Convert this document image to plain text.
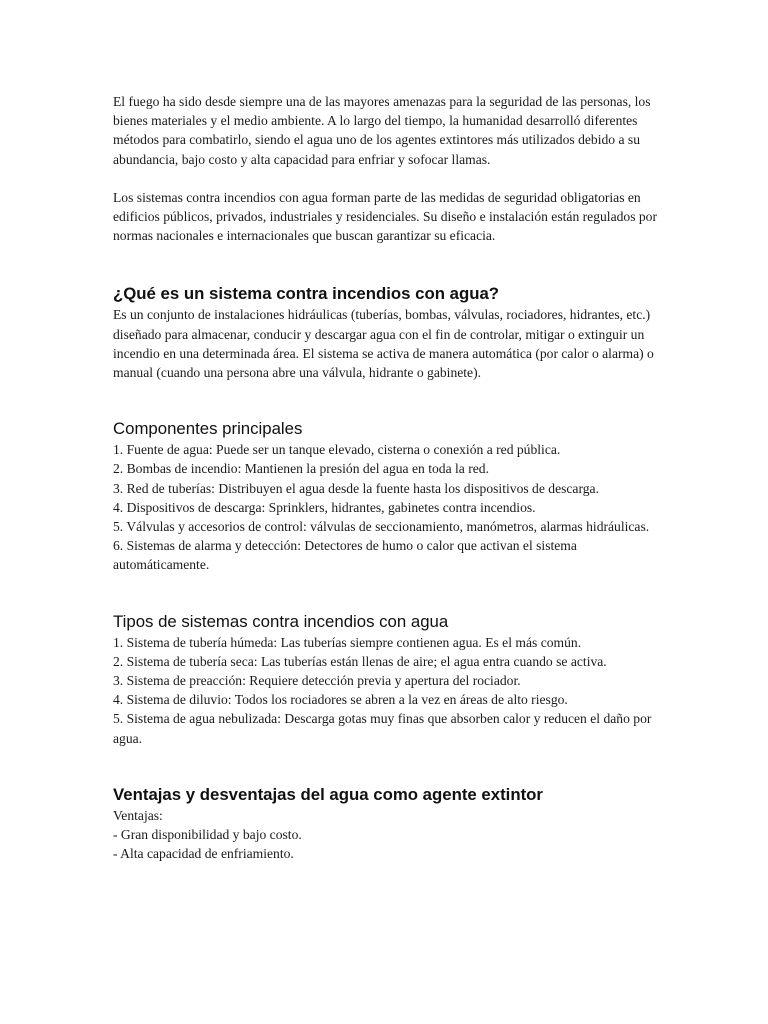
El fuego ha sido desde siempre una de las mayores amenazas para la seguridad de las personas, los bienes materiales y el medio ambiente. A lo largo del tiempo, la humanidad desarrolló diferentes métodos para combatirlo, siendo el agua uno de los agentes extintores más utilizados debido a su abundancia, bajo costo y alta capacidad para enfriar y sofocar llamas.

Los sistemas contra incendios con agua forman parte de las medidas de seguridad obligatorias en edificios públicos, privados, industriales y residenciales. Su diseño e instalación están regulados por normas nacionales e internacionales que buscan garantizar su eficacia.

¿Qué es un sistema contra incendios con agua?

Es un conjunto de instalaciones hidráulicas (tuberías, bombas, válvulas, rociadores, hidrantes, etc.) diseñado para almacenar, conducir y descargar agua con el fin de controlar, mitigar o extinguir un incendio en una determinada área. El sistema se activa de manera automática (por calor o alarma) o manual (cuando una persona abre una válvula, hidrante o gabinete).

Componentes principales
1. Fuente de agua: Puede ser un tanque elevado, cisterna o conexión a red pública.
2. Bombas de incendio: Mantienen la presión del agua en toda la red.
3. Red de tuberías: Distribuyen el agua desde la fuente hasta los dispositivos de descarga.
4. Dispositivos de descarga: Sprinklers, hidrantes, gabinetes contra incendios.
5. Válvulas y accesorios de control: válvulas de seccionamiento, manómetros, alarmas hidráulicas.
6. Sistemas de alarma y detección: Detectores de humo o calor que activan el sistema automáticamente.
Tipos de sistemas contra incendios con agua
1. Sistema de tubería húmeda: Las tuberías siempre contienen agua. Es el más común.
2. Sistema de tubería seca: Las tuberías están llenas de aire; el agua entra cuando se activa.
3. Sistema de preacción: Requiere detección previa y apertura del rociador.
4. Sistema de diluvio: Todos los rociadores se abren a la vez en áreas de alto riesgo.
5. Sistema de agua nebulizada: Descarga gotas muy finas que absorben calor y reducen el daño por agua.
Ventajas y desventajas del agua como agente extintor

Ventajas:

- Gran disponibilidad y bajo costo.
- Alta capacidad de enfriamiento.
